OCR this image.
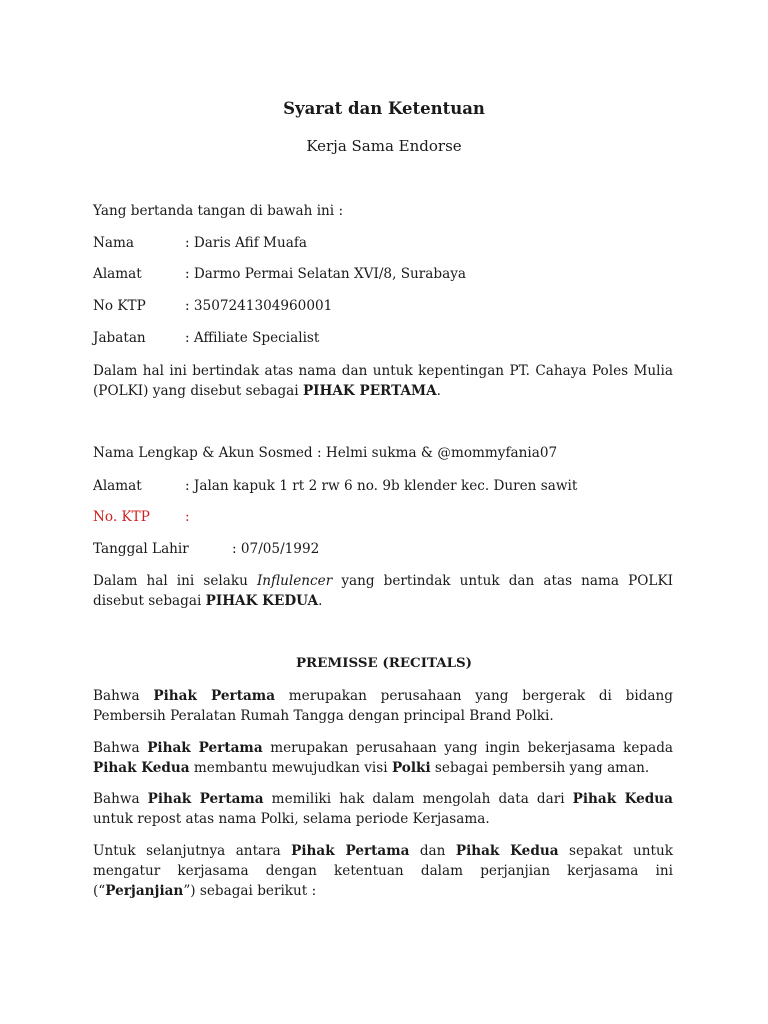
Syarat dan Ketentuan
Kerja Sama Endorse
Yang bertanda tangan di bawah ini :
Nama	: Daris Afif Muafa
Alamat	: Darmo Permai Selatan XVI/8, Surabaya
No KTP	: 3507241304960001
Jabatan	: Affiliate Specialist
Dalam hal ini bertindak atas nama dan untuk kepentingan PT. Cahaya Poles Mulia (POLKI) yang disebut sebagai PIHAK PERTAMA.
Nama Lengkap & Akun Sosmed : Helmi sukma & @mommyfania07
Alamat	: Jalan kapuk 1 rt 2 rw 6 no. 9b klender kec. Duren sawit
No. KTP	:
Tanggal Lahir	: 07/05/1992
Dalam hal ini selaku Influlencer yang bertindak untuk dan atas nama POLKI disebut sebagai PIHAK KEDUA.
PREMISSE (RECITALS)
Bahwa Pihak Pertama merupakan perusahaan yang bergerak di bidang Pembersih Peralatan Rumah Tangga dengan principal Brand Polki.
Bahwa Pihak Pertama merupakan perusahaan yang ingin bekerjasama kepada Pihak Kedua membantu mewujudkan visi Polki sebagai pembersih yang aman.
Bahwa Pihak Pertama memiliki hak dalam mengolah data dari Pihak Kedua untuk repost atas nama Polki, selama periode Kerjasama.
Untuk selanjutnya antara Pihak Pertama dan Pihak Kedua sepakat untuk mengatur kerjasama dengan ketentuan dalam perjanjian kerjasama ini (“Perjanjian”) sebagai berikut :
